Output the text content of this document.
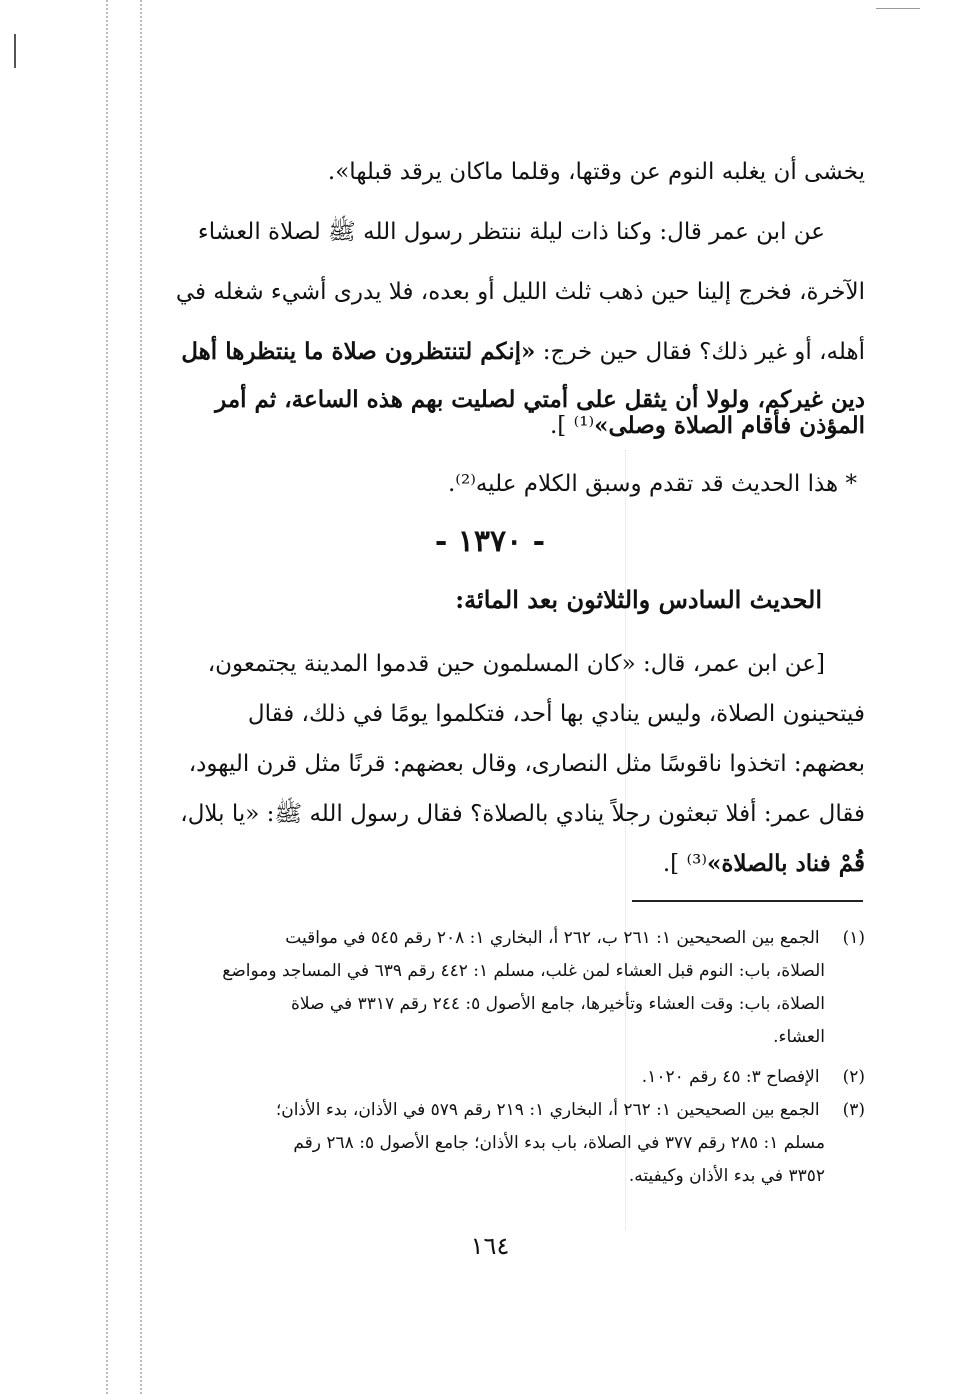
يخشى أن يغلبه النوم عن وقتها، وقلما ماكان يرقد قبلها».
عن ابن عمر قال: وكنا ذات ليلة ننتظر رسول الله ﷺ لصلاة العشاء
الآخرة، فخرج إلينا حين ذهب ثلث الليل أو بعده، فلا يدرى أشيء شغله في
أهله، أو غير ذلك؟ فقال حين خرج: «إنكم لتنتظرون صلاة ما ينتظرها أهل
دين غيركم، ولولا أن يثقل على أمتي لصليت بهم هذه الساعة، ثم أمر
المؤذن فأقام الصلاة وصلى»⁽¹⁾ ].
* هذا الحديث قد تقدم وسبق الكلام عليه⁽²⁾.
- ١٣٧٠ -
الحديث السادس والثلاثون بعد المائة:
[عن ابن عمر، قال: «كان المسلمون حين قدموا المدينة يجتمعون،
فيتحينون الصلاة، وليس ينادي بها أحد، فتكلموا يومًا في ذلك، فقال
بعضهم: اتخذوا ناقوسًا مثل النصارى، وقال بعضهم: قرنًا مثل قرن اليهود،
فقال عمر: أفلا تبعثون رجلاً ينادي بالصلاة؟ فقال رسول الله ﷺ: «يا بلال،
قُمْ فناد بالصلاة»⁽³⁾ ].
(١) الجمع بين الصحيحين ١: ٢٦١ ب، ٢٦٢ أ، البخاري ١: ٢٠٨ رقم ٥٤٥ في مواقيت
الصلاة، باب: النوم قبل العشاء لمن غلب، مسلم ١: ٤٤٢ رقم ٦٣٩ في المساجد ومواضع
الصلاة، باب: وقت العشاء وتأخيرها، جامع الأصول ٥: ٢٤٤ رقم ٣٣١٧ في صلاة
العشاء.
(٢) الإفصاح ٣: ٤٥ رقم ١٠٢٠.
(٣) الجمع بين الصحيحين ١: ٢٦٢ أ، البخاري ١: ٢١٩ رقم ٥٧٩ في الأذان، بدء الأذان؛
مسلم ١: ٢٨٥ رقم ٣٧٧ في الصلاة، باب بدء الأذان؛ جامع الأصول ٥: ٢٦٨ رقم
٣٣٥٢ في بدء الأذان وكيفيته.
١٦٤
